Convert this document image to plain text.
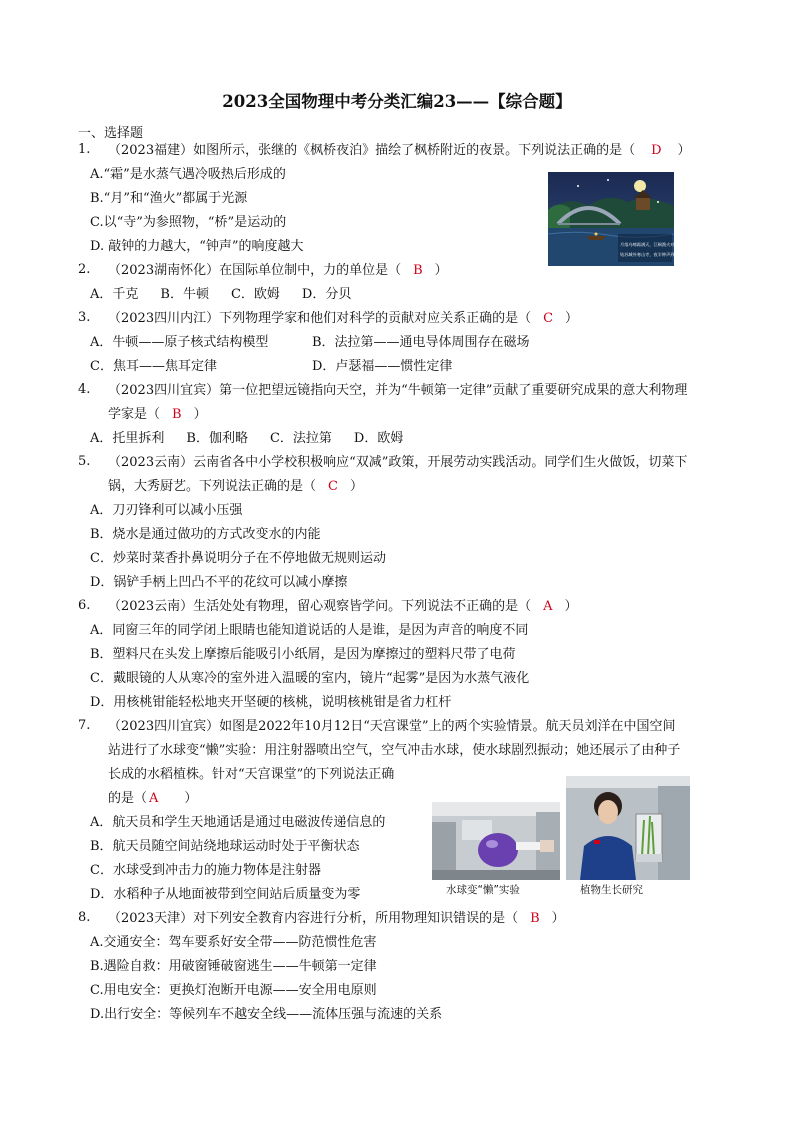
2023全国物理中考分类汇编23——【综合题】
一、选择题
1.	（2023福建）如图所示，张继的《枫桥夜泊》描绘了枫桥附近的夜景。下列说法正确的是（ D ）
A.“霜”是水蒸气遇冷吸热后形成的
B.“月”和“渔火”都属于光源
C.以“寺”为参照物，“桥”是运动的
D. 敲钟的力越大，“钟声”的响度越大	月落乌啼霜满天，江枫渔火对愁眠。
姑苏城外寒山寺，夜半钟声到客船。
2.	（2023湖南怀化）在国际单位制中，力的单位是（ B ）
A．千克 B．牛顿 C．欧姆 D．分贝
3.	（2023四川内江）下列物理学家和他们对科学的贡献对应关系正确的是（ C ）
A．牛顿——原子核式结构模型	B．法拉第——通电导体周围存在磁场
C．焦耳——焦耳定律	D．卢瑟福——惯性定律
4.	（2023四川宜宾）第一位把望远镜指向天空，并为“牛顿第一定律”贡献了重要研究成果的意大利物理
学家是（ B ）
A．托里拆利 B．伽利略 C．法拉第 D．欧姆
5.	（2023云南）云南省各中小学校积极响应“双减”政策，开展劳动实践活动。同学们生火做饭，切菜下
锅，大秀厨艺。下列说法正确的是（ C ）
A．刀刃锋利可以减小压强
B．烧水是通过做功的方式改变水的内能
C．炒菜时菜香扑鼻说明分子在不停地做无规则运动
D．锅铲手柄上凹凸不平的花纹可以减小摩擦
6.	（2023云南）生活处处有物理，留心观察皆学问。下列说法不正确的是（ A ）
A．同窗三年的同学闭上眼睛也能知道说话的人是谁，是因为声音的响度不同
B．塑料尺在头发上摩擦后能吸引小纸屑，是因为摩擦过的塑料尺带了电荷
C．戴眼镜的人从寒冷的室外进入温暖的室内，镜片“起雾”是因为水蒸气液化
D．用核桃钳能轻松地夹开坚硬的核桃，说明核桃钳是省力杠杆
7.	（2023四川宜宾）如图是2022年10月12日“天宫课堂”上的两个实验情景。航天员刘洋在中国空间
站进行了水球变“懒”实验：用注射器喷出空气，空气冲击水球，使水球剧烈振动；她还展示了由种子
长成的水稻植株。针对“天宫课堂”的下列说法正确
的是（ A ）
A．航天员和学生天地通话是通过电磁波传递信息的
B．航天员随空间站绕地球运动时处于平衡状态
C．水球受到冲击力的施力物体是注射器
D．水稻种子从地面被带到空间站后质量变为零	水球变“懒”实验	植物生长研究
8.	（2023天津）对下列安全教育内容进行分析，所用物理知识错误的是（ B ）
A.交通安全：驾车要系好安全带——防范惯性危害
B.遇险自救：用破窗锤破窗逃生——牛顿第一定律
C.用电安全：更换灯泡断开电源——安全用电原则
D.出行安全：等候列车不越安全线——流体压强与流速的关系
